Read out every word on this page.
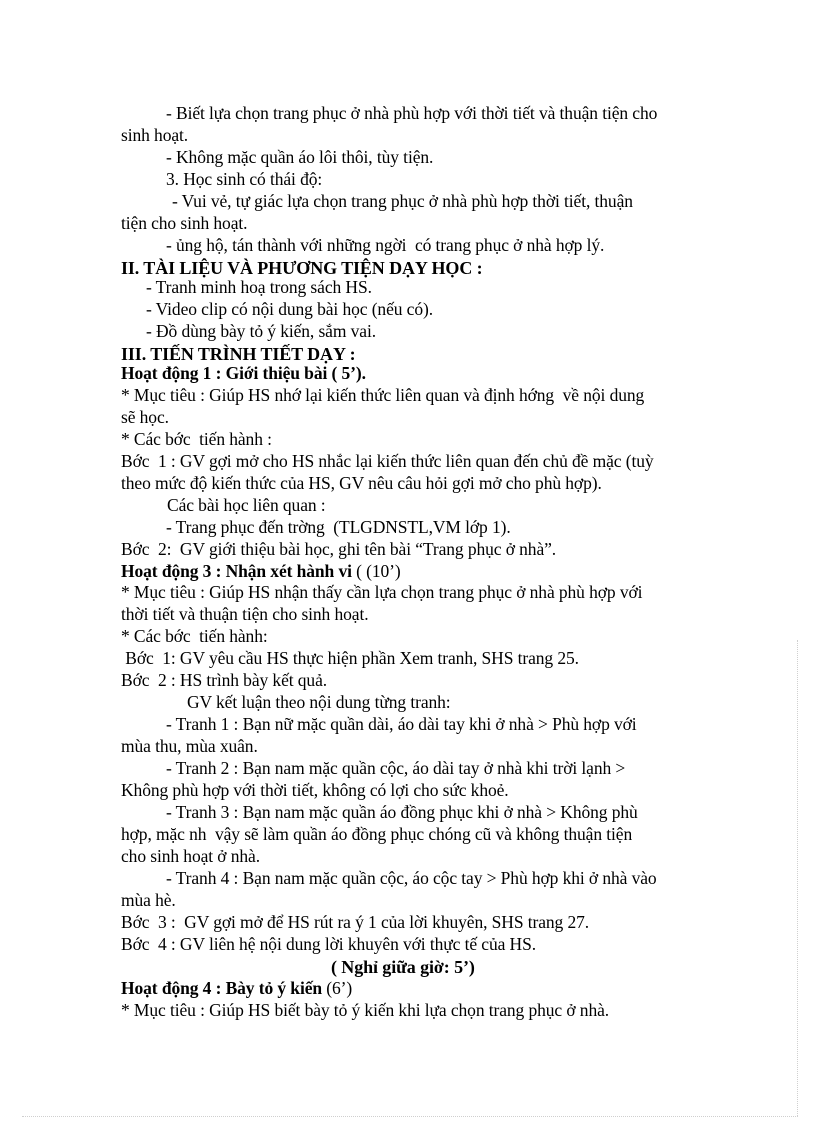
- Biết lựa chọn trang phục ở nhà phù hợp với thời tiết và thuận tiện cho
sinh hoạt.
- Không mặc quần áo lôi thôi, tùy tiện.
3. Học sinh có thái độ:
- Vui vẻ, tự giác lựa chọn trang phục ở nhà phù hợp thời tiết, thuận
tiện cho sinh hoạt.
- ủng hộ, tán thành với những ngời  có trang phục ở nhà hợp lý.
II. TÀI LIỆU VÀ PHƯƠNG TIỆN DẠY HỌC :
- Tranh minh hoạ trong sách HS.
- Video clip có nội dung bài học (nếu có).
- Đồ dùng bày tỏ ý kiến, sắm vai.
III. TIẾN TRÌNH TIẾT DẠY :
Hoạt động 1 : Giới thiệu bài ( 5’).
* Mục tiêu : Giúp HS nhớ lại kiến thức liên quan và định hớng  về nội dung
sẽ học.
* Các bớc  tiến hành :
Bớc  1 : GV gợi mở cho HS nhắc lại kiến thức liên quan đến chủ đề mặc (tuỳ
theo mức độ kiến thức của HS, GV nêu câu hỏi gợi mở cho phù hợp).
Các bài học liên quan :
- Trang phục đến trờng  (TLGDNSTL,VM lớp 1).
Bớc  2:  GV giới thiệu bài học, ghi tên bài “Trang phục ở nhà”.
Hoạt động 3 : Nhận xét hành vi ( (10’)
* Mục tiêu : Giúp HS nhận thấy cần lựa chọn trang phục ở nhà phù hợp với
thời tiết và thuận tiện cho sinh hoạt.
* Các bớc  tiến hành:
Bớc  1: GV yêu cầu HS thực hiện phần Xem tranh, SHS trang 25.
Bớc  2 : HS trình bày kết quả.
GV kết luận theo nội dung từng tranh:
- Tranh 1 : Bạn nữ mặc quần dài, áo dài tay khi ở nhà > Phù hợp với
mùa thu, mùa xuân.
- Tranh 2 : Bạn nam mặc quần cộc, áo dài tay ở nhà khi trời lạnh >
Không phù hợp với thời tiết, không có lợi cho sức khoẻ.
- Tranh 3 : Bạn nam mặc quần áo đồng phục khi ở nhà > Không phù
hợp, mặc nh  vậy sẽ làm quần áo đồng phục chóng cũ và không thuận tiện
cho sinh hoạt ở nhà.
- Tranh 4 : Bạn nam mặc quần cộc, áo cộc tay > Phù hợp khi ở nhà vào
mùa hè.
Bớc  3 :  GV gợi mở để HS rút ra ý 1 của lời khuyên, SHS trang 27.
Bớc  4 : GV liên hệ nội dung lời khuyên với thực tế của HS.
( Nghỉ giữa giờ: 5’)
Hoạt động 4 : Bày tỏ ý kiến (6’)
* Mục tiêu : Giúp HS biết bày tỏ ý kiến khi lựa chọn trang phục ở nhà.
